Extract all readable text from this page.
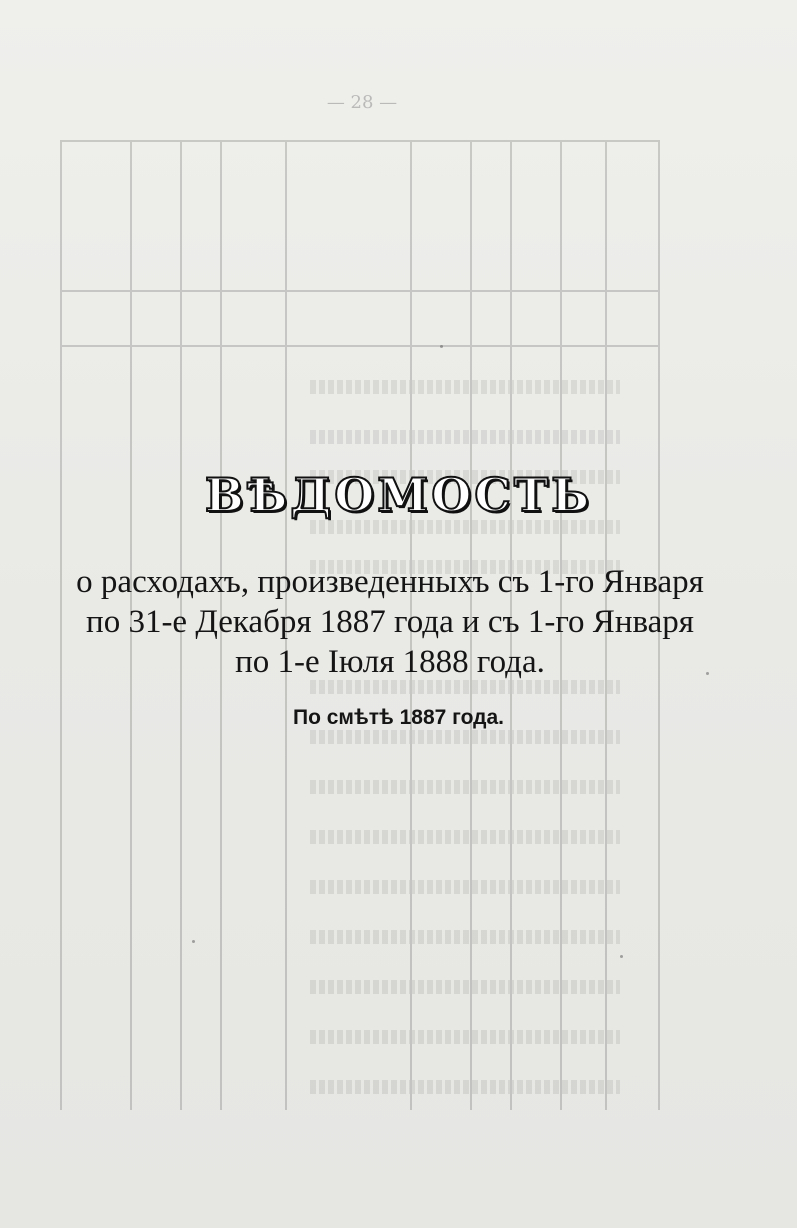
— 28 —
ВѢДОМОСТЬ
о расходахъ, произведенныхъ съ 1-го Января по 31-е Декабря 1887 года и съ 1-го Января по 1-е Іюля 1888 года.
По смѣтѣ 1887 года.
